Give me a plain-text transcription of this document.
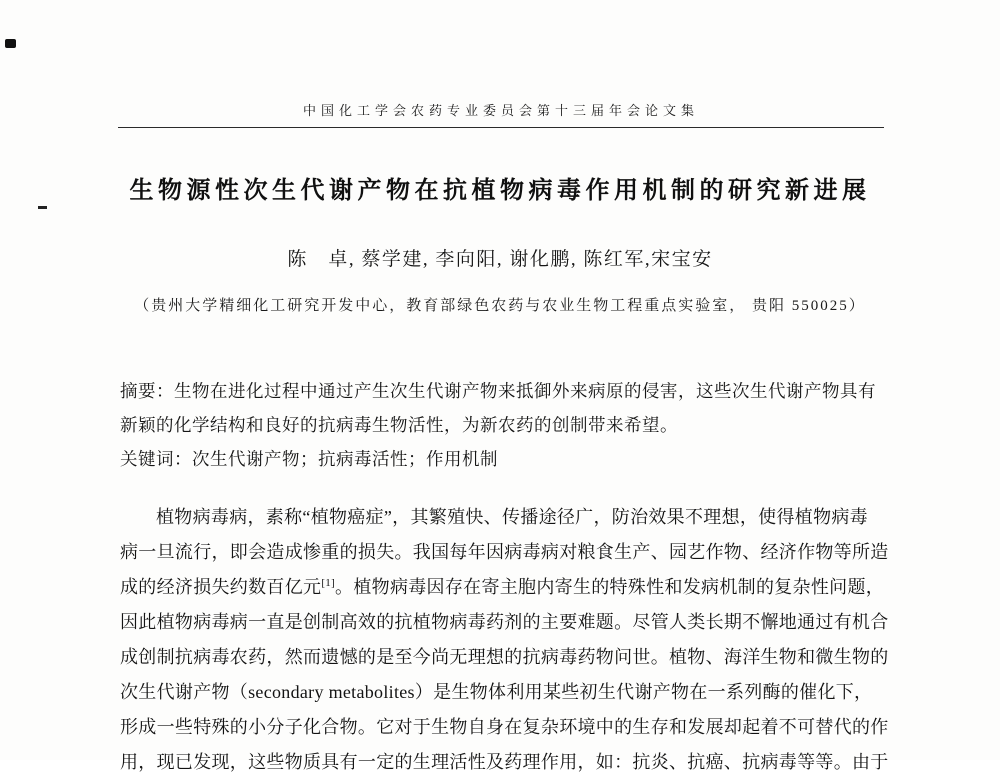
中国化工学会农药专业委员会第十三届年会论文集
生物源性次生代谢产物在抗植物病毒作用机制的研究新进展
陈　卓, 蔡学建, 李向阳, 谢化鹏, 陈红军,宋宝安
（贵州大学精细化工研究开发中心，教育部绿色农药与农业生物工程重点实验室， 贵阳 550025）
摘要：生物在进化过程中通过产生次生代谢产物来抵御外来病原的侵害，这些次生代谢产物具有
新颖的化学结构和良好的抗病毒生物活性，为新农药的创制带来希望。
关键词：次生代谢产物；抗病毒活性；作用机制
植物病毒病，素称“植物癌症”，其繁殖快、传播途径广，防治效果不理想，使得植物病毒
病一旦流行，即会造成惨重的损失。我国每年因病毒病对粮食生产、园艺作物、经济作物等所造
成的经济损失约数百亿元[1]。植物病毒因存在寄主胞内寄生的特殊性和发病机制的复杂性问题，
因此植物病毒病一直是创制高效的抗植物病毒药剂的主要难题。尽管人类长期不懈地通过有机合
成创制抗病毒农药，然而遗憾的是至今尚无理想的抗病毒药物问世。植物、海洋生物和微生物的
次生代谢产物（secondary metabolites）是生物体利用某些初生代谢产物在一系列酶的催化下，
形成一些特殊的小分子化合物。它对于生物自身在复杂环境中的生存和发展却起着不可替代的作
用，现已发现，这些物质具有一定的生理活性及药理作用，如：抗炎、抗癌、抗病毒等等。由于
